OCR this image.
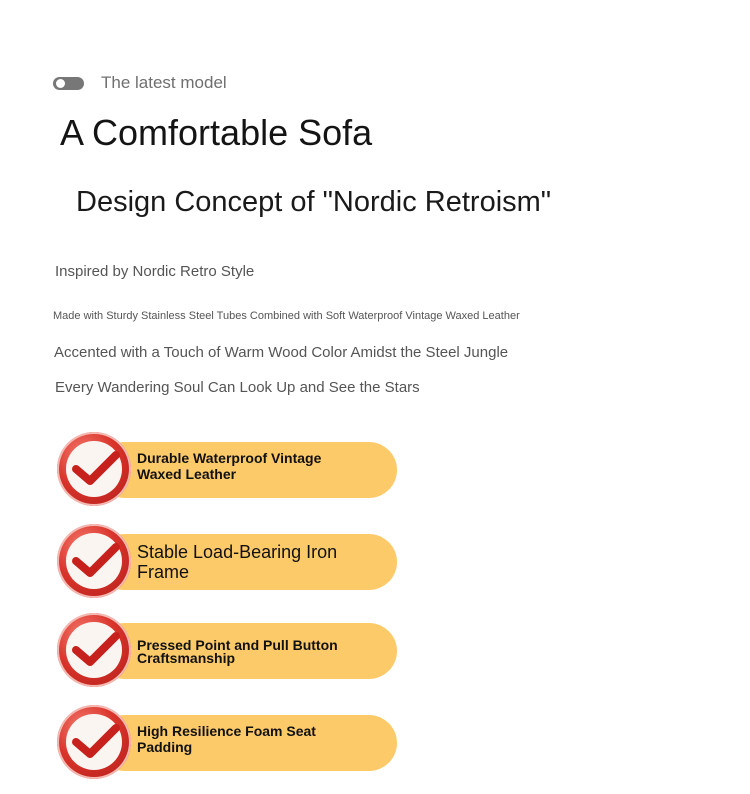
The latest model
A Comfortable Sofa
Design Concept of "Nordic Retroism"
Inspired by Nordic Retro Style
Made with Sturdy Stainless Steel Tubes Combined with Soft Waterproof Vintage Waxed Leather
Accented with a Touch of Warm Wood Color Amidst the Steel Jungle
Every Wandering Soul Can Look Up and See the Stars
Durable Waterproof Vintage Waxed Leather
Stable Load-Bearing Iron Frame
Pressed Point and Pull Button Craftsmanship
High Resilience Foam Seat Padding
